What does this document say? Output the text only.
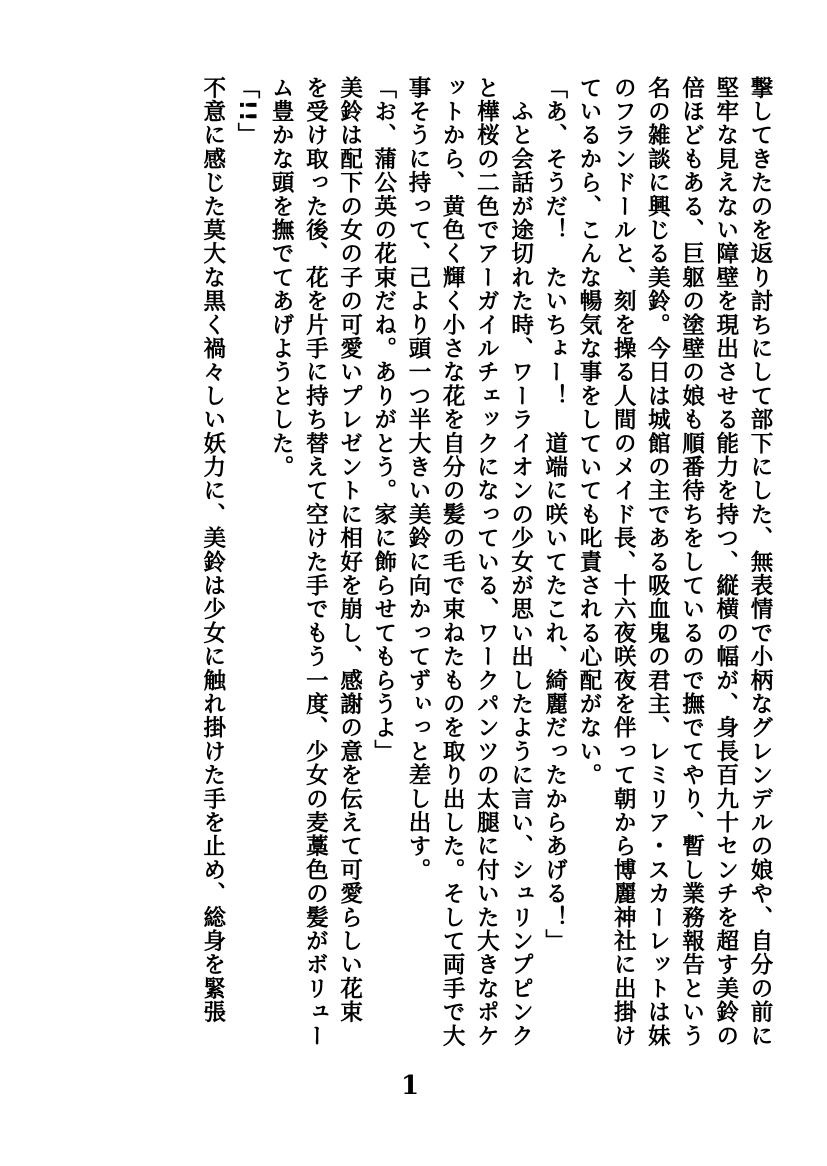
撃してきたのを返り討ちにして部下にした、無表情で小柄なグレンデルの娘や、自分の前に
堅牢な見えない障壁を現出させる能力を持つ、縦横の幅が、身長百九十センチを超す美鈴の
倍ほどもある、巨躯の塗壁の娘も順番待ちをしているので撫でてやり、暫し業務報告という
名の雑談に興じる美鈴。今日は城館の主である吸血鬼の君主、レミリア・スカーレットは妹
のフランドールと、刻を操る人間のメイド長、十六夜咲夜を伴って朝から博麗神社に出掛け
ているから、こんな暢気な事をしていても叱責される心配がない。
「あ、そうだ！　たいちょー！　道端に咲いてたこれ、綺麗だったからあげる！」
　ふと会話が途切れた時、ワーライオンの少女が思い出したように言い、シュリンプピンク
と樺桜の二色でアーガイルチェックになっている、ワークパンツの太腿に付いた大きなポケ
ットから、黄色く輝く小さな花を自分の髪の毛で束ねたものを取り出した。そして両手で大
事そうに持って、己より頭一つ半大きい美鈴に向かってずぃっと差し出す。
「お、蒲公英の花束だね。ありがとう。家に飾らせてもらうよ」
美鈴は配下の女の子の可愛いプレゼントに相好を崩し、感謝の意を伝えて可愛らしい花束
を受け取った後、花を片手に持ち替えて空けた手でもう一度、少女の麦藁色の髪がボリュー
ム豊かな頭を撫でてあげようとした。
「!!」
不意に感じた莫大な黒く禍々しい妖力に、美鈴は少女に触れ掛けた手を止め、総身を緊張
1
